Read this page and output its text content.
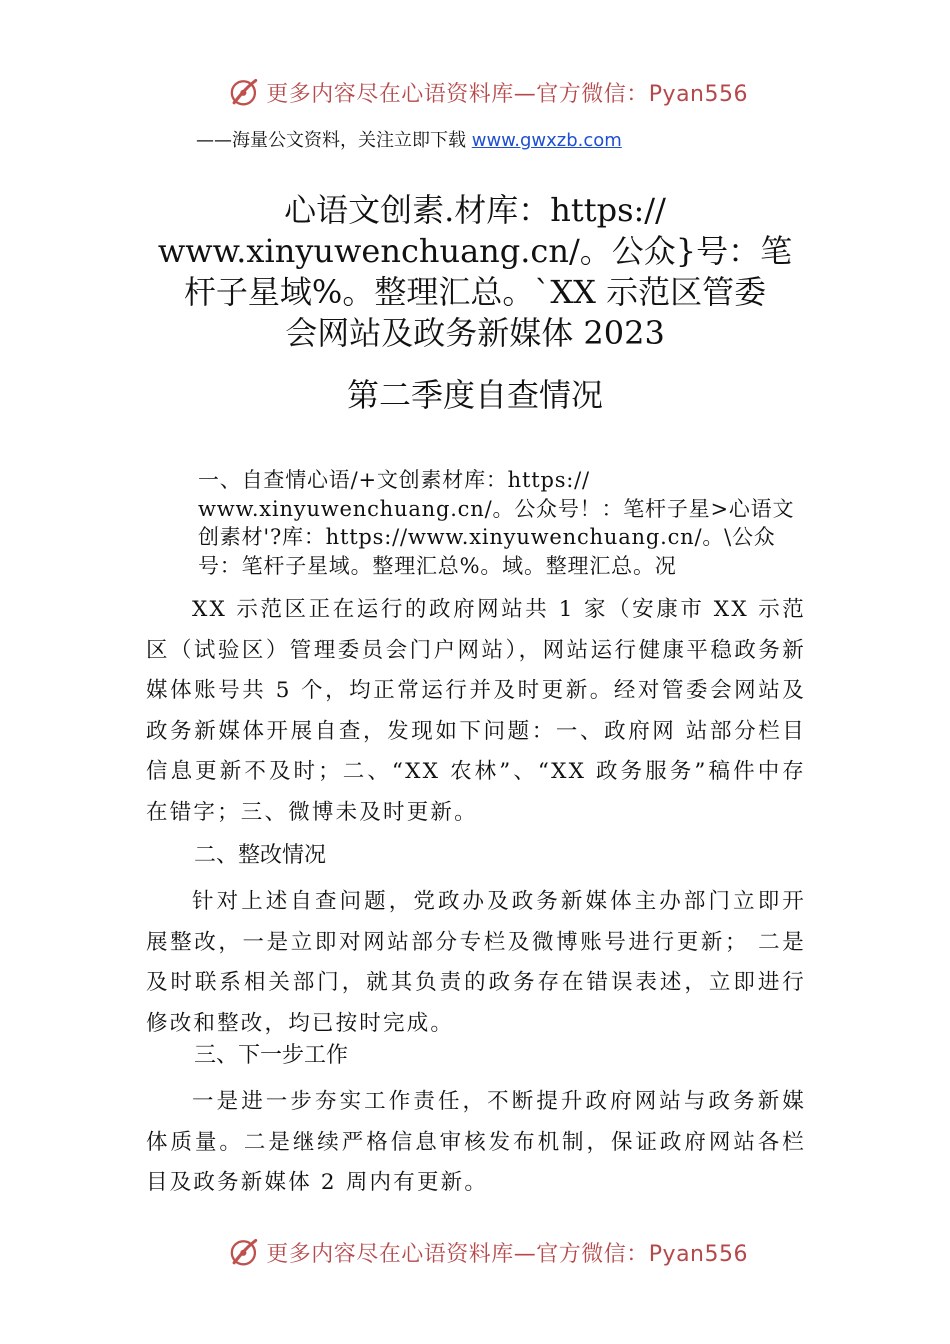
更多内容尽在心语资料库—官方微信：Pyan556
——海量公文资料，关注立即下载 www.gwxzb.com
心语文创素.材库：https://
www.xinyuwenchuang.cn/。公众}号：笔
杆子星域%。整理汇总。`XX 示范区管委
会网站及政务新媒体 2023
第二季度自查情况
一、自查情心语/+文创素材库：https://
www.xinyuwenchuang.cn/。公众号！：笔杆子星>心语文
创素材'?库：https://www.xinyuwenchuang.cn/。\公众
号：笔杆子星域。整理汇总%。域。整理汇总。况

XX 示范区正在运行的政府网站共 1 家（安康市 XX 示范区（试验区）管理委员会门户网站），网站运行健康平稳政务新媒体账号共 5 个，均正常运行并及时更新。经对管委会网站及政务新媒体开展自查，发现如下问题：一、政府网 站部分栏目信息更新不及时；二、“XX 农林”、“XX 政务服务”稿件中存在错字；三、微博未及时更新。

二、整改情况

针对上述自查问题，党政办及政务新媒体主办部门立即开展整改，一是立即对网站部分专栏及微博账号进行更新； 二是及时联系相关部门，就其负责的政务存在错误表述，立即进行修改和整改，均已按时完成。

三、下一步工作

一是进一步夯实工作责任，不断提升政府网站与政务新媒体质量。二是继续严格信息审核发布机制，保证政府网站各栏目及政务新媒体 2 周内有更新。

更多内容尽在心语资料库—官方微信：Pyan556
